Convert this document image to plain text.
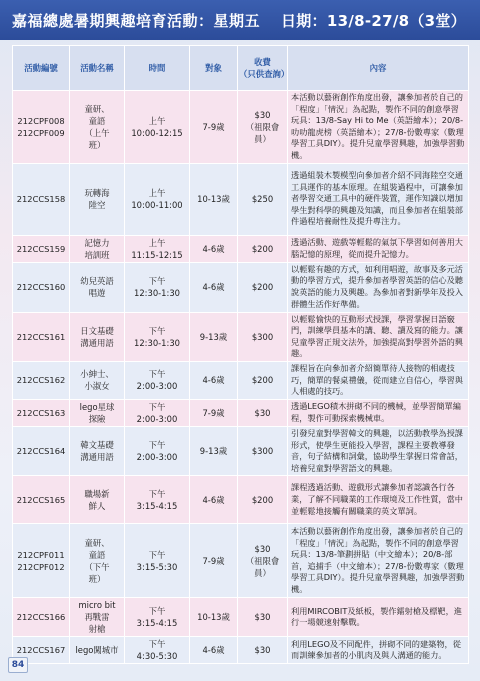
嘉福總處暑期興趣培育活動：星期五 日期：13/8-27/8（3堂）
活動編號	活動名稱	時間	對象	收費
（只供查詢）	內容
212CPF008
212CPF009	童研、
童語
（上午
班）	上午
10:00-12:15	7-9歲	$30
（祖限會
員）	本活動以藝術創作角度出發，讓參加者於自己的「程度」「情況」為起點，製作不同的創意學習玩具：13/8-Say Hi to Me（英語繪本）；20/8-叻叻龍虎榜（英語繪本）；27/8-份數專家（數理學習工具DIY）。提升兒童學習興趣，加強學習動機。
212CCS158	玩轉海
陸空	上午
10:00-11:00	10-13歲	$250	透過組裝木製模型向參加者介紹不同海陸空交通工具運作的基本原理。在組裝過程中，可讓參加者學習交通工具中的硬件裝置，運作知識以增加學生對科學的興趣及知識，而且參加者在組裝部件過程培養耐性及提升專注力。
212CCS159	記憶力
培訓班	上午
11:15-12:15	4-6歲	$200	透過活動、遊戲等輕鬆的氣氛下學習如何善用大腦記憶的原理，從而提升記憶力。
212CCS160	幼兒英語
唱遊	下午
12:30-1:30	4-6歲	$200	以輕鬆有趣的方式，如利用唱遊，故事及多元活動的學習方式，提升參加者學習英語的信心及聽說英語的能力及興趣。為參加者對新學年及投入群體生活作好準備。
212CCS161	日文基礎
溝通用語	下午
12:30-1:30	9-13歲	$300	以輕鬆愉快的互動形式授課，學習掌握日語竅門，訓練學員基本的講、聽、讀及寫的能力。讓兒童學習正規文法外，加強提高對學習外語的興趣。
212CCS162	小紳士、
小淑女	下午
2:00-3:00	4-6歲	$200	課程旨在向參加者介紹簡單待人接物的相處技巧，簡單的餐桌禮儀，從而建立自信心，學習與人相處的技巧。
212CCS163	lego星球
探險	下午
2:00-3:00	7-9歲	$30	透過LEGO積木拼砌不同的機械，並學習簡單編程，製作可動探索機械車。
212CCS164	韓文基礎
溝通用語	下午
2:00-3:00	9-13歲	$300	引發兒童對學習韓文的興趣，以活動教學為授課形式，使學生更能投入學習，課程主要教導發音，句子結構和詞彙，協助學生掌握日常會話，培養兒童對學習語文的興趣。
212CCS165	職場新
鮮人	下午
3:15-4:15	4-6歲	$200	課程透過活動、遊戲形式讓參加者認識各行各業，了解不同職業的工作環境及工作性質，當中並輕鬆地接觸有關職業的英文單詞。
212CPF011
212CPF012	童研、
童語
（下午
班）	下午
3:15-5:30	7-9歲	$30
（祖限會
員）	本活動以藝術創作角度出發，讓參加者於自己的「程度」「情況」為起點，製作不同的創意學習玩具：13/8-筆劃拼貼（中文繪本）；20/8-部首，追捕手（中文繪本）；27/8-份數專家（數理學習工具DIY）。提升兒童學習興趣，加強學習動機。
212CCS166	micro bit
再戰雷
射槍	下午
3:15-4:15	10-13歲	$30	利用MIRCOBIT及紙板，製作鐳射槍及標靶，進行一場競速射擊戰。
212CCS167	lego闖城市	下午
4:30-5:30	4-6歲	$30	利用LEGO及不同配件，拼砌不同的建築物，從而訓練參加者的小肌肉及與人溝通的能力。
84
